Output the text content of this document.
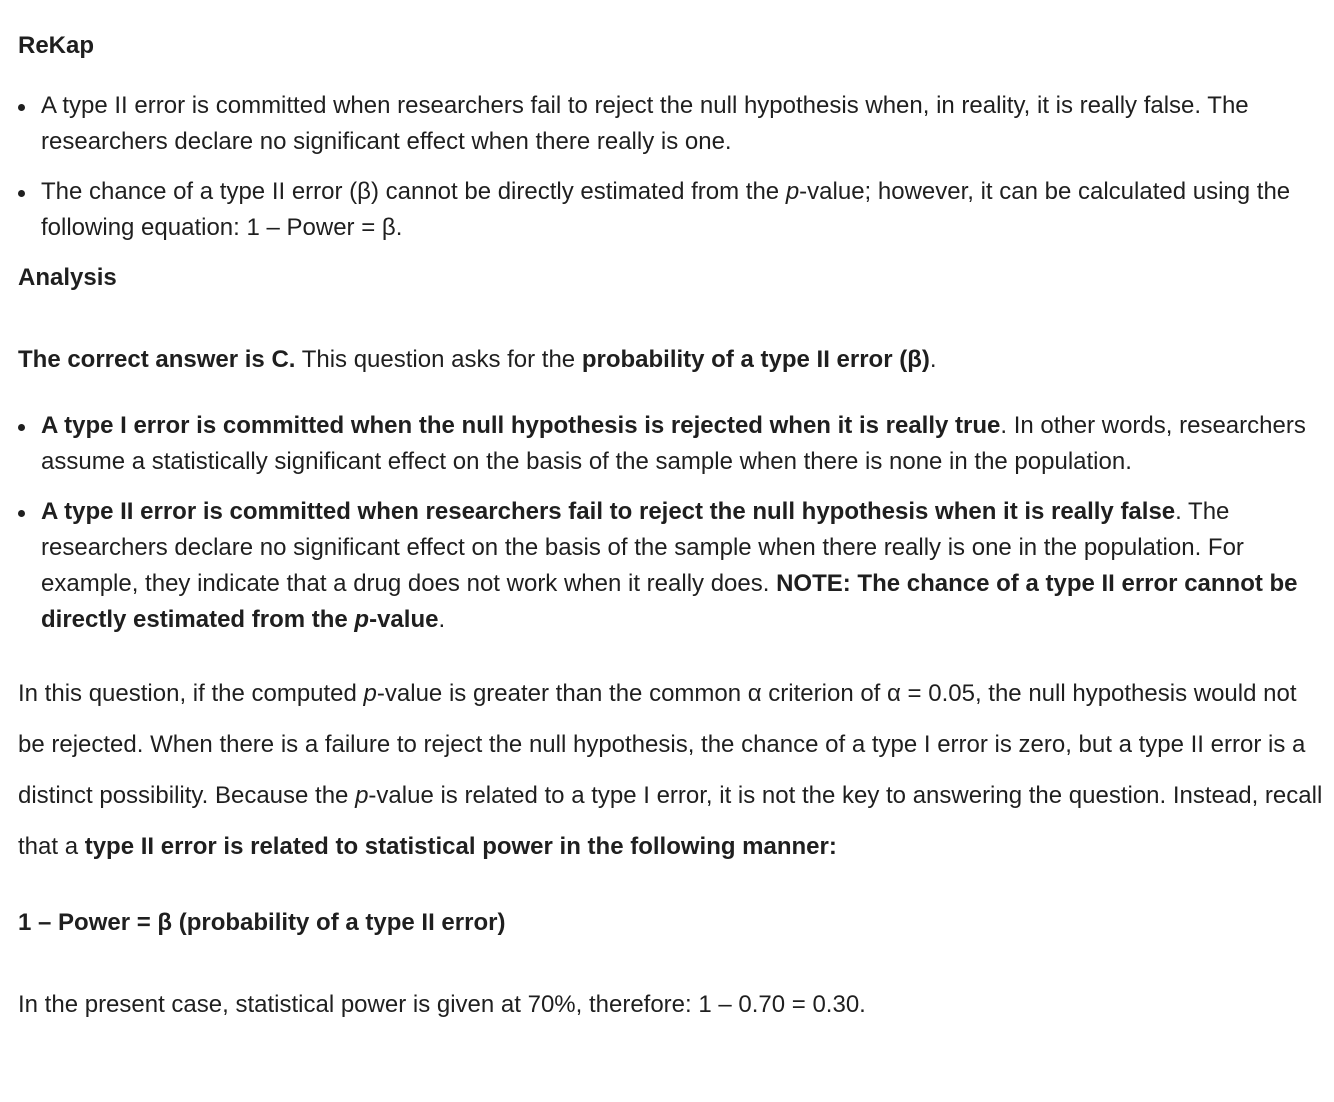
ReKap
A type II error is committed when researchers fail to reject the null hypothesis when, in reality, it is really false. The researchers declare no significant effect when there really is one.
The chance of a type II error (β) cannot be directly estimated from the p-value; however, it can be calculated using the following equation: 1 – Power = β.
Analysis
The correct answer is C. This question asks for the probability of a type II error (β).
A type I error is committed when the null hypothesis is rejected when it is really true. In other words, researchers assume a statistically significant effect on the basis of the sample when there is none in the population.
A type II error is committed when researchers fail to reject the null hypothesis when it is really false. The researchers declare no significant effect on the basis of the sample when there really is one in the population. For example, they indicate that a drug does not work when it really does. NOTE: The chance of a type II error cannot be directly estimated from the p-value.
In this question, if the computed p-value is greater than the common α criterion of α = 0.05, the null hypothesis would not be rejected. When there is a failure to reject the null hypothesis, the chance of a type I error is zero, but a type II error is a distinct possibility. Because the p-value is related to a type I error, it is not the key to answering the question. Instead, recall that a type II error is related to statistical power in the following manner:
1 – Power = β (probability of a type II error)
In the present case, statistical power is given at 70%, therefore: 1 – 0.70 = 0.30.
